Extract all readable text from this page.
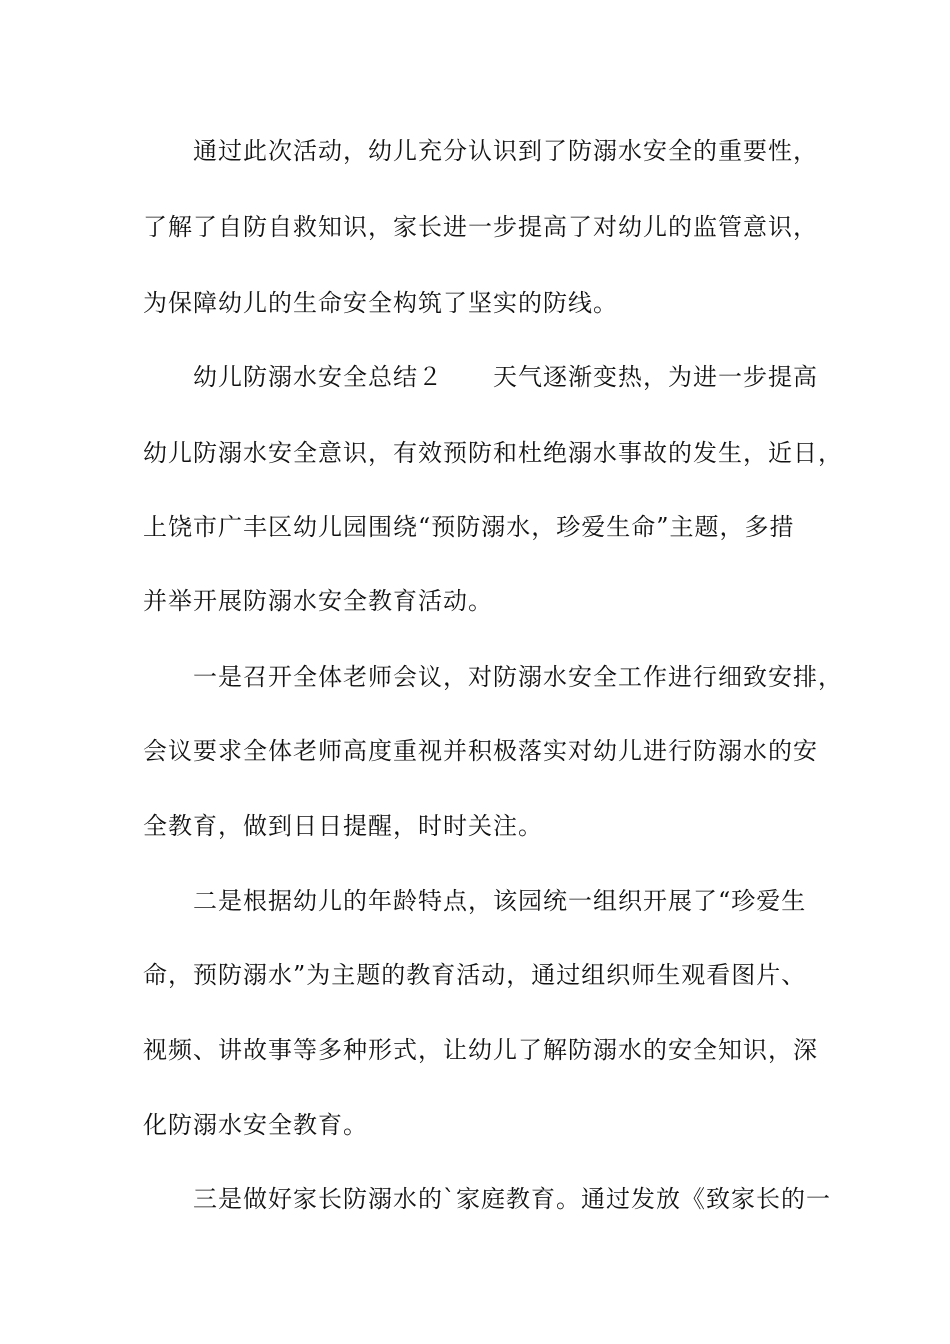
通过此次活动，幼儿充分认识到了防溺水安全的重要性，
了解了自防自救知识，家长进一步提高了对幼儿的监管意识，
为保障幼儿的生命安全构筑了坚实的防线。
幼儿防溺水安全总结２　　天气逐渐变热，为进一步提高
幼儿防溺水安全意识，有效预防和杜绝溺水事故的发生，近日，
上饶市广丰区幼儿园围绕“预防溺水，珍爱生命”主题，多措
并举开展防溺水安全教育活动。
一是召开全体老师会议，对防溺水安全工作进行细致安排，
会议要求全体老师高度重视并积极落实对幼儿进行防溺水的安
全教育，做到日日提醒，时时关注。
二是根据幼儿的年龄特点，该园统一组织开展了“珍爱生
命，预防溺水”为主题的教育活动，通过组织师生观看图片、
视频、讲故事等多种形式，让幼儿了解防溺水的安全知识，深
化防溺水安全教育。
三是做好家长防溺水的`家庭教育。通过发放《致家长的一
